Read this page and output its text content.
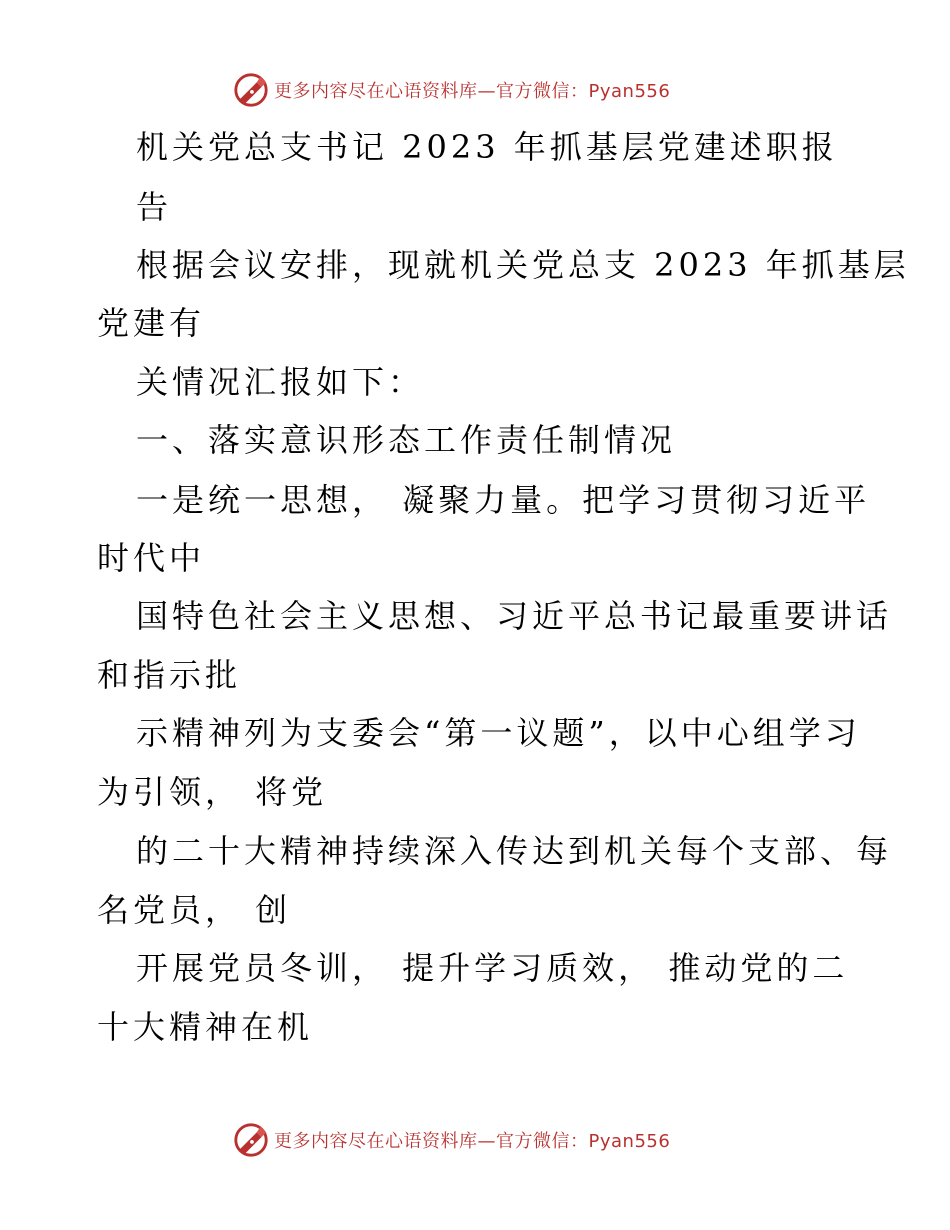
更多内容尽在心语资料库—官方微信：Pyan556
机关党总支书记 2023 年抓基层党建述职报
告
根据会议安排，现就机关党总支 2023 年抓基层
党建有
关情况汇报如下：
一、落实意识形态工作责任制情况
一是统一思想， 凝聚力量。把学习贯彻习近平
时代中
国特色社会主义思想、习近平总书记最重要讲话
和指示批
示精神列为支委会“第一议题”，以中心组学习
为引领， 将党
的二十大精神持续深入传达到机关每个支部、每
名党员， 创
开展党员冬训， 提升学习质效， 推动党的二
十大精神在机
更多内容尽在心语资料库—官方微信：Pyan556
